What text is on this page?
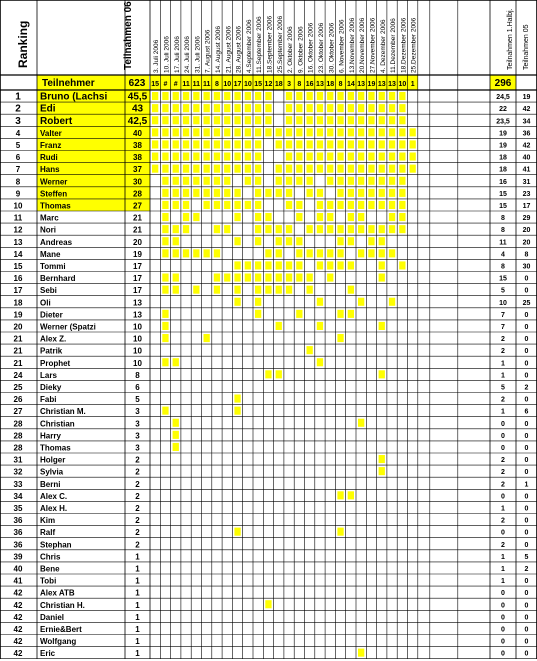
Ranking	Teilnahmen 06	Teilnahmen 1.Halbj. Teilnahmen 05
3. Juli 2006 10. Juli 2006 17. Juli 2006 24. Juli 2006 31. Juli 2006 7. August 2006 14. August 2006 21. August 2006 28. August 2006 4.September 2006 11.September 2006 18.September 2006 25.September 2006 2. Oktober 2006 9. Oktober 2006 16. Oktober 2006 23. Oktober 2006 30. Oktober 2006 6. November 2006 13.November 2006 20.November 2006 27.November 2006 4. Dezember 2006 11.Dezember 2006 18.Dezember 2006 25.Dezember 2006
Teilnehmer	623	296
15 # # 11 11 11 8 10 17 10 15 12 18 3 8 16 13 18 8 14 13 19 13 13 10 1
1 Bruno (Lachsi 45,5	24,5 19
2 Edi	43	22 42
3 Robert	42,5	23,5 34
4 Valter	40	19 36
5 Franz	38	19 42
6 Rudi	38	18 40
7 Hans	37	18 41
8 Werner	30	16 31
9 Steffen	28	15 23
10 Thomas	27	15 17
11 Marc	21	8	29
12 Nori	21	8	20
13 Andreas	20	11 20
14 Mane	19	4	8
15 Tommi	17	8	30
16 Bernhard	17	15	0
17 Sebi	17	5	0
18 Oli	13	10 25
19 Dieter	13	7	0
20 Werner (Spatzi	10	7	0
21 Alex Z.	10	2	0
21 Patrik	10	2	0
21 Prophet	10	1	0
24 Lars	8	1	0
25 Dieky	6	5	2
26 Fabi	5	2	0
27 Christian M.	3	1	6
28 Christian	3	0	0
28 Harry	3	0	0
28 Thomas	3	0	0
31 Holger	2	2	0
32 Sylvia	2	2	0
33 Berni	2	2	1
34 Alex C.	2	0	0
35 Alex H.	2	1	0
36 Kim	2	2	0
36 Ralf	2	0	0
36 Stephan	2	2	0
39 Chris	1	1	5
40 Bene	1	1	2
41 Tobi	1	1	0
42 Alex ATB	1	0	0
42 Christian H.	1	0	0
42 Daniel	1	0	0
42 Ernie&Bert	1	0	0
42 Wolfgang	1	0	0
42 Eric	1	0	0
